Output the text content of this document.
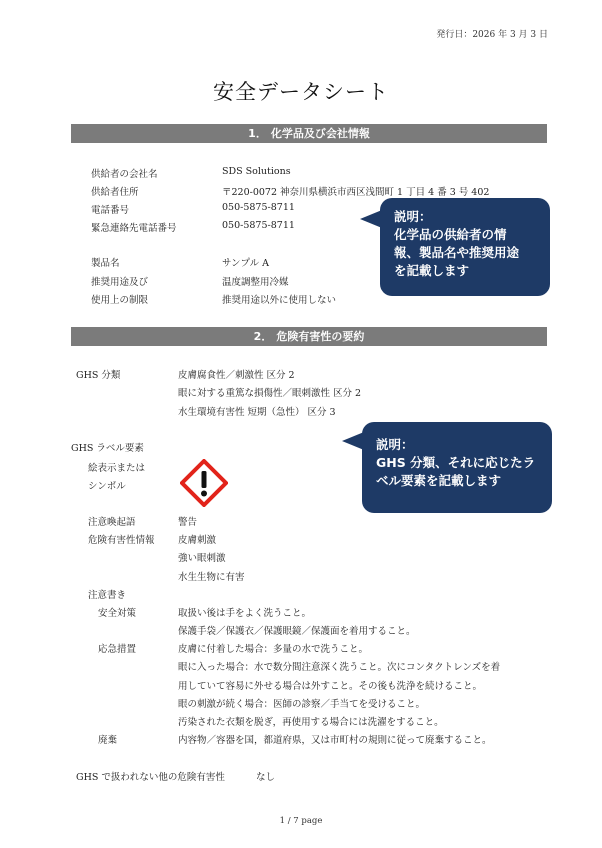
発行日：2026 年 3 月 3 日
安全データシート
1． 化学品及び会社情報
供給者の会社名	SDS Solutions
供給者住所	〒220-0072 神奈川県横浜市西区浅間町 1 丁目 4 番 3 号 402
電話番号	050-5875-8711
緊急連絡先電話番号	050-5875-8711
製品名	サンプル A
推奨用途及び	温度調整用冷媒
使用上の制限	推奨用途以外に使用しない
説明：
化学品の供給者の情
報、製品名や推奨用途
を記載します
2． 危険有害性の要約
GHS 分類	皮膚腐食性／刺激性 区分 2
眼に対する重篤な損傷性／眼刺激性 区分 2
水生環境有害性 短期（急性） 区分 3
GHS ラベル要素
絵表示または
シンボル
説明：
GHS 分類、それに応じたラ
ベル要素を記載します
注意喚起語	警告
危険有害性情報 皮膚刺激
強い眼刺激
水生生物に有害
注意書き
安全対策	取扱い後は手をよく洗うこと。
保護手袋／保護衣／保護眼鏡／保護面を着用すること。
応急措置	皮膚に付着した場合：多量の水で洗うこと。
眼に入った場合：水で数分間注意深く洗うこと。次にコンタクトレンズを着
用していて容易に外せる場合は外すこと。その後も洗浄を続けること。
眼の刺激が続く場合：医師の診察／手当てを受けること。
汚染された衣類を脱ぎ，再使用する場合には洗濯をすること。
廃棄	内容物／容器を国，都道府県，又は市町村の規則に従って廃棄すること。
GHS で扱われない他の危険有害性	なし
1 / 7 page
